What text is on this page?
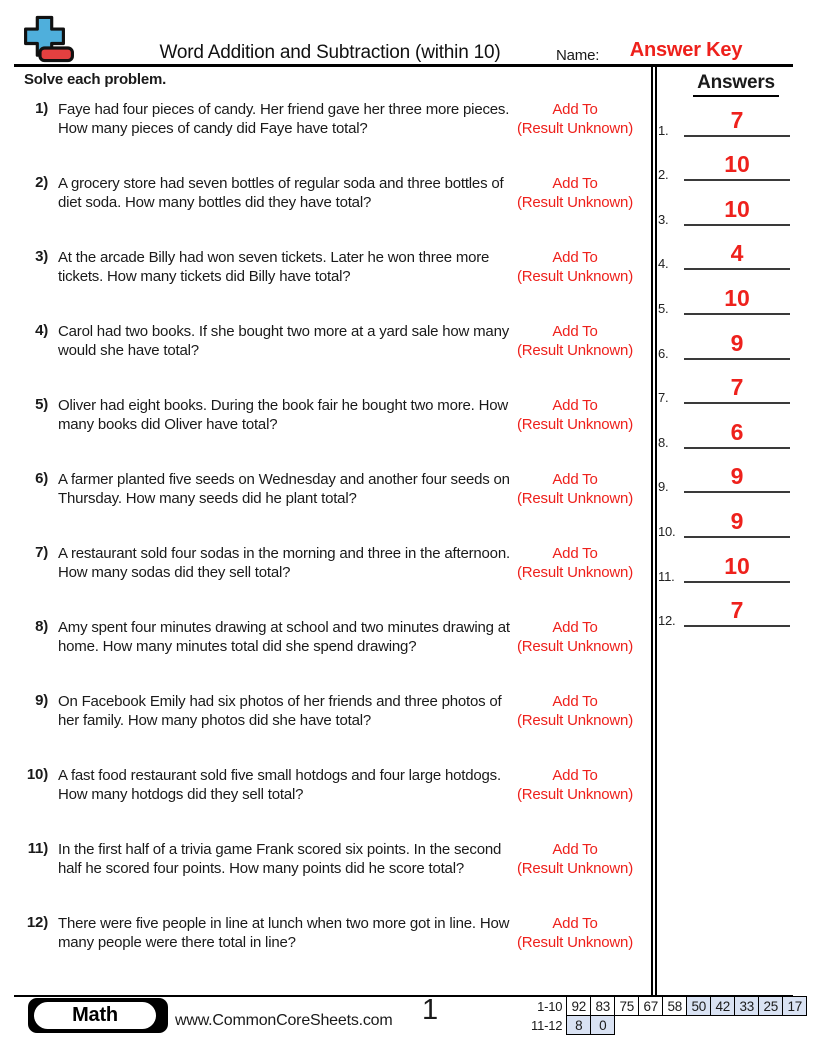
Word Addition and Subtraction (within 10)	Name:	Answer Key
Solve each problem.
1) Faye had four pieces of candy. Her friend gave her three more pieces. How many pieces of candy did Faye have total?
Add To
(Result Unknown)
2) A grocery store had seven bottles of regular soda and three bottles of diet soda. How many bottles did they have total?
Add To
(Result Unknown)
3) At the arcade Billy had won seven tickets. Later he won three more tickets. How many tickets did Billy have total?
Add To
(Result Unknown)
4) Carol had two books. If she bought two more at a yard sale how many would she have total?
Add To
(Result Unknown)
5) Oliver had eight books. During the book fair he bought two more. How many books did Oliver have total?
Add To
(Result Unknown)
6) A farmer planted five seeds on Wednesday and another four seeds on Thursday. How many seeds did he plant total?
Add To
(Result Unknown)
7) A restaurant sold four sodas in the morning and three in the afternoon. How many sodas did they sell total?
Add To
(Result Unknown)
8) Amy spent four minutes drawing at school and two minutes drawing at home. How many minutes total did she spend drawing?
Add To
(Result Unknown)
9) On Facebook Emily had six photos of her friends and three photos of her family. How many photos did she have total?
Add To
(Result Unknown)
10) A fast food restaurant sold five small hotdogs and four large hotdogs. How many hotdogs did they sell total?
Add To
(Result Unknown)
11) In the first half of a trivia game Frank scored six points. In the second half he scored four points. How many points did he score total?
Add To
(Result Unknown)
12) There were five people in line at lunch when two more got in line. How many people were there total in line?
Add To
(Result Unknown)
Answers
1.	7
2.	10
3.	10
4.	4
5.	10
6.	9
7.	7
8.	6
9.	9
10.	9
11.	10
12.	7
Math	www.CommonCoreSheets.com	1	1-10	92	83	75	67	58	50	42	33	25	17
11-12	8	0								
